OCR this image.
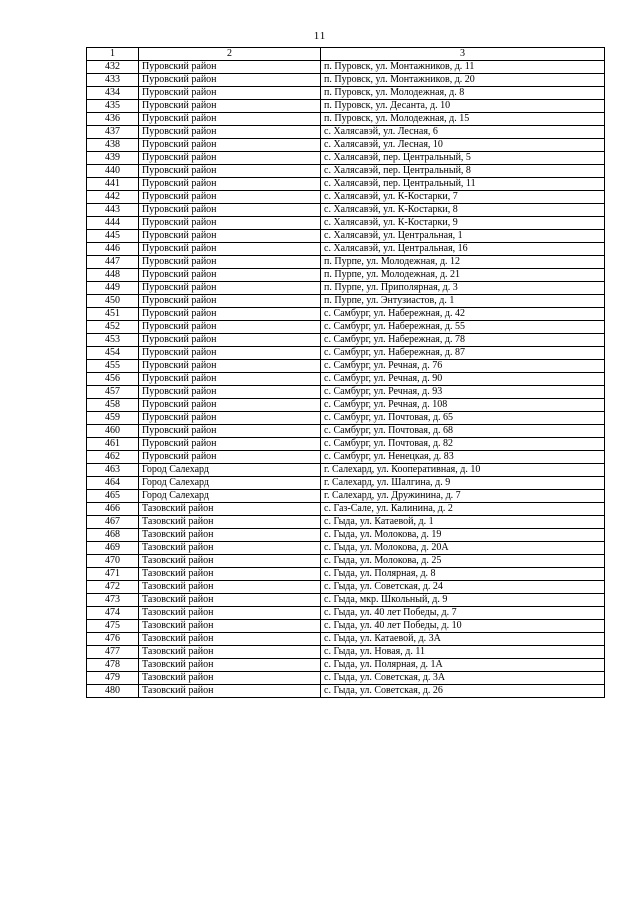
11
1	2	3
432	Пуровский район	п. Пуровск, ул. Монтажников, д. 11
433	Пуровский район	п. Пуровск, ул. Монтажников, д. 20
434	Пуровский район	п. Пуровск, ул. Молодежная, д. 8
435	Пуровский район	п. Пуровск, ул. Десанта, д. 10
436	Пуровский район	п. Пуровск, ул. Молодежная, д. 15
437	Пуровский район	с. Халясавэй, ул. Лесная, 6
438	Пуровский район	с. Халясавэй, ул. Лесная, 10
439	Пуровский район	с. Халясавэй, пер. Центральный, 5
440	Пуровский район	с. Халясавэй, пер. Центральный, 8
441	Пуровский район	с. Халясавэй, пер. Центральный, 11
442	Пуровский район	с. Халясавэй, ул. К-Костарки, 7
443	Пуровский район	с. Халясавэй, ул. К-Костарки, 8
444	Пуровский район	с. Халясавэй, ул. К-Костарки, 9
445	Пуровский район	с. Халясавэй, ул. Центральная, 1
446	Пуровский район	с. Халясавэй, ул. Центральная, 16
447	Пуровский район	п. Пурпе, ул. Молодежная, д. 12
448	Пуровский район	п. Пурпе, ул. Молодежная, д. 21
449	Пуровский район	п. Пурпе, ул. Приполярная, д. 3
450	Пуровский район	п. Пурпе, ул. Энтузиастов, д. 1
451	Пуровский район	с. Самбург, ул. Набережная, д. 42
452	Пуровский район	с. Самбург, ул. Набережная, д. 55
453	Пуровский район	с. Самбург, ул. Набережная, д. 78
454	Пуровский район	с. Самбург, ул. Набережная, д. 87
455	Пуровский район	с. Самбург, ул. Речная, д. 76
456	Пуровский район	с. Самбург, ул. Речная, д. 90
457	Пуровский район	с. Самбург, ул. Речная, д. 93
458	Пуровский район	с. Самбург, ул. Речная, д. 108
459	Пуровский район	с. Самбург, ул. Почтовая, д. 65
460	Пуровский район	с. Самбург, ул. Почтовая, д. 68
461	Пуровский район	с. Самбург, ул. Почтовая, д. 82
462	Пуровский район	с. Самбург, ул. Ненецкая, д. 83
463	Город Салехард	г. Салехард, ул. Кооперативная, д. 10
464	Город Салехард	г. Салехард, ул. Шалгина, д. 9
465	Город Салехард	г. Салехард, ул. Дружинина, д. 7
466	Тазовский район	с. Газ-Сале, ул. Калинина, д. 2
467	Тазовский район	с. Гыда, ул. Катаевой, д. 1
468	Тазовский район	с. Гыда, ул. Молокова, д. 19
469	Тазовский район	с. Гыда, ул. Молокова, д. 20А
470	Тазовский район	с. Гыда, ул. Молокова, д. 25
471	Тазовский район	с. Гыда, ул. Полярная, д. 8
472	Тазовский район	с. Гыда, ул. Советская, д. 24
473	Тазовский район	с. Гыда, мкр. Школьный, д. 9
474	Тазовский район	с. Гыда, ул. 40 лет Победы, д. 7
475	Тазовский район	с. Гыда, ул. 40 лет Победы, д. 10
476	Тазовский район	с. Гыда, ул. Катаевой, д. 3А
477	Тазовский район	с. Гыда, ул. Новая, д. 11
478	Тазовский район	с. Гыда, ул. Полярная, д. 1А
479	Тазовский район	с. Гыда, ул. Советская, д. 3А
480	Тазовский район	с. Гыда, ул. Советская, д. 26
